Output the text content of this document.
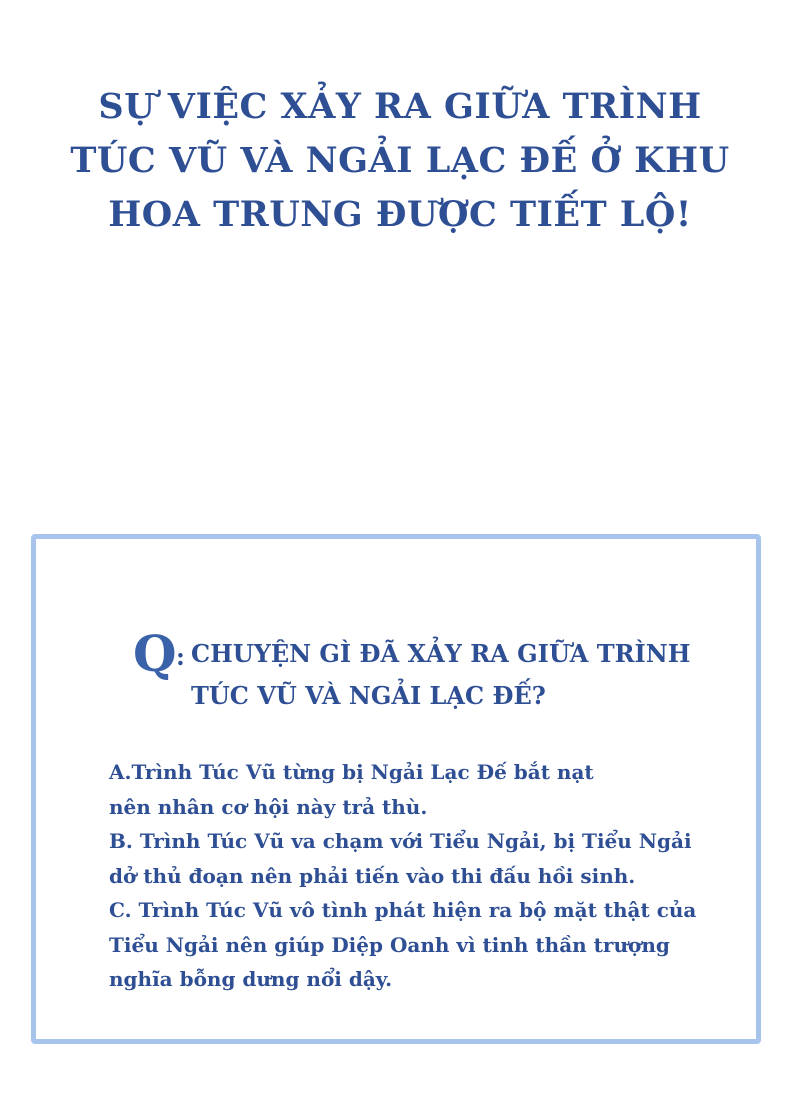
SỰ VIỆC XẢY RA GIỮA TRÌNH
TÚC VŨ VÀ NGẢI LẠC ĐẾ Ở KHU
HOA TRUNG ĐƯỢC TIẾT LỘ!
Q : CHUYỆN GÌ ĐÃ XẢY RA GIỮA TRÌNH
TÚC VŨ VÀ NGẢI LẠC ĐẾ?
A.Trình Túc Vũ từng bị Ngải Lạc Đế bắt nạt
nên nhân cơ hội này trả thù.
B. Trình Túc Vũ va chạm với Tiểu Ngải, bị Tiểu Ngải
dở thủ đoạn nên phải tiến vào thi đấu hồi sinh.
C. Trình Túc Vũ vô tình phát hiện ra bộ mặt thật của
Tiểu Ngải nên giúp Diệp Oanh vì tinh thần trượng
nghĩa bỗng dưng nổi dậy.
